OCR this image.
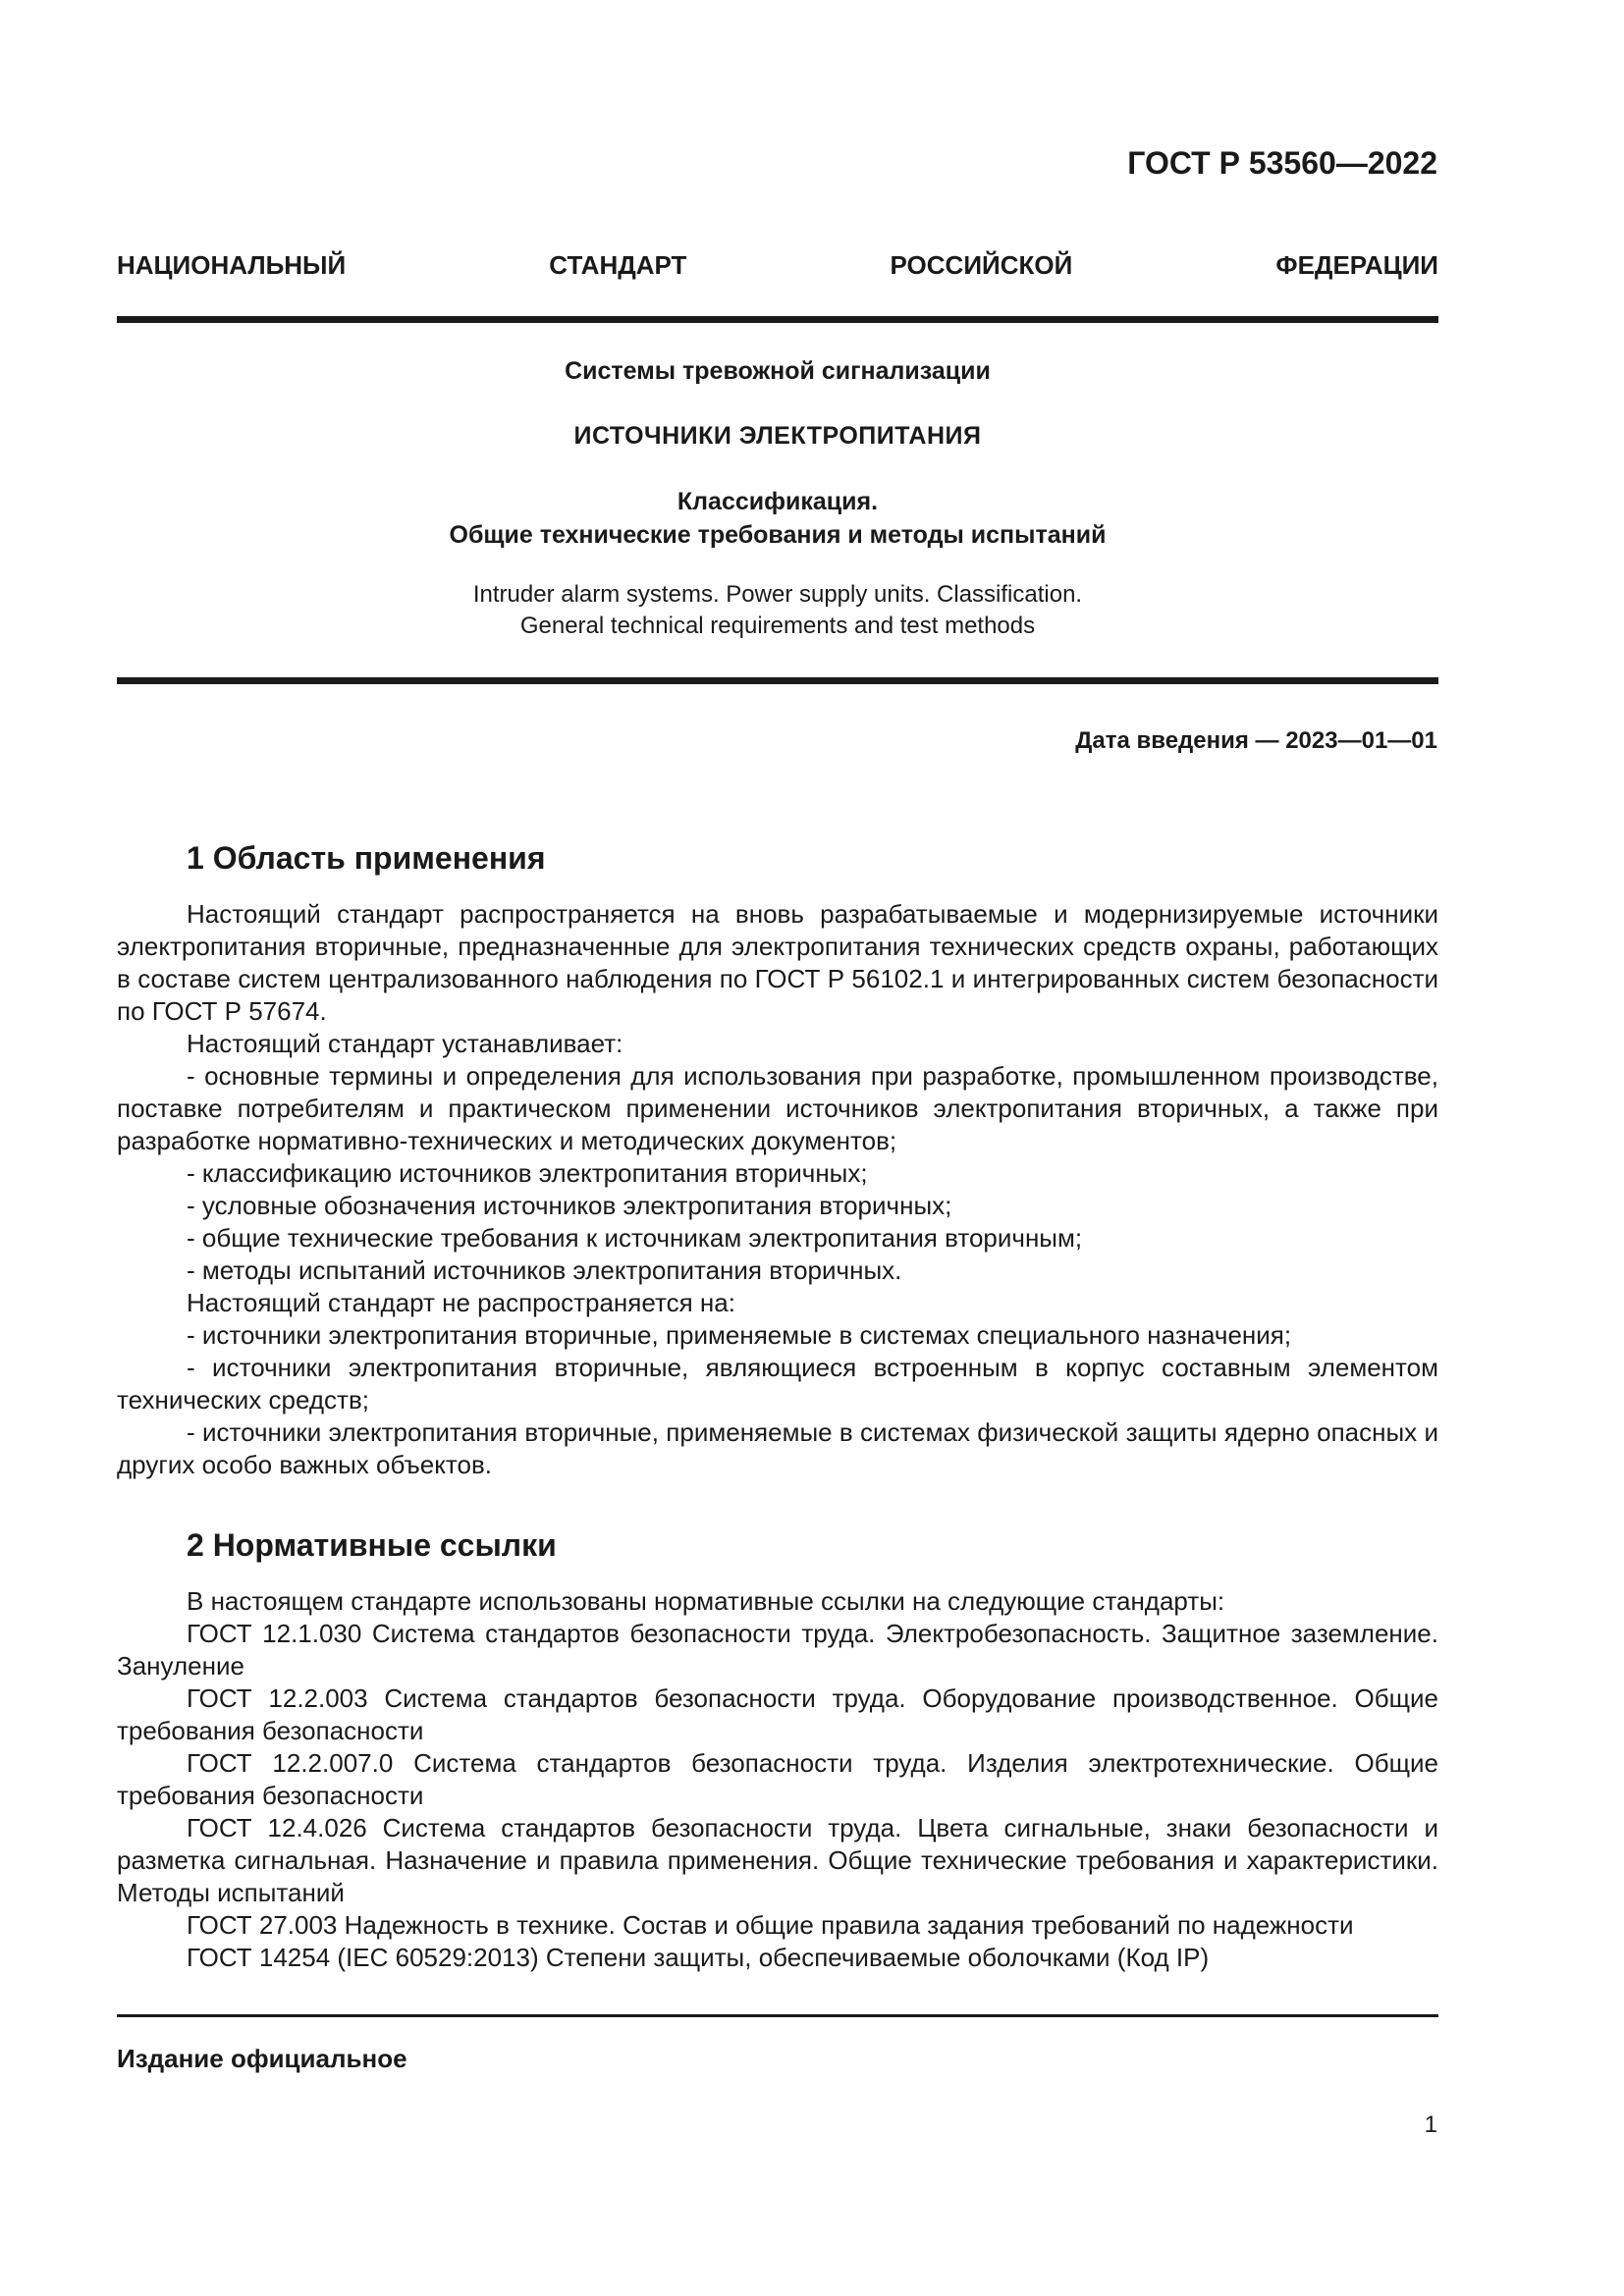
ГОСТ Р 53560—2022
НАЦИОНАЛЬНЫЙ СТАНДАРТ РОССИЙСКОЙ ФЕДЕРАЦИИ
Системы тревожной сигнализации
ИСТОЧНИКИ ЭЛЕКТРОПИТАНИЯ
Классификация.
Общие технические требования и методы испытаний
Intruder alarm systems. Power supply units. Classification.
General technical requirements and test methods
Дата введения — 2023—01—01
1 Область применения

Настоящий стандарт распространяется на вновь разрабатываемые и модернизируемые источники электропитания вторичные, предназначенные для электропитания технических средств охраны, работающих в составе систем централизованного наблюдения по ГОСТ Р 56102.1 и интегрированных систем безопасности по ГОСТ Р 57674.

Настоящий стандарт устанавливает:

- основные термины и определения для использования при разработке, промышленном производстве, поставке потребителям и практическом применении источников электропитания вторичных, а также при разработке нормативно-технических и методических документов;

- классификацию источников электропитания вторичных;

- условные обозначения источников электропитания вторичных;

- общие технические требования к источникам электропитания вторичным;

- методы испытаний источников электропитания вторичных.

Настоящий стандарт не распространяется на:

- источники электропитания вторичные, применяемые в системах специального назначения;

- источники электропитания вторичные, являющиеся встроенным в корпус составным элементом технических средств;

- источники электропитания вторичные, применяемые в системах физической защиты ядерно опасных и других особо важных объектов.

2 Нормативные ссылки

В настоящем стандарте использованы нормативные ссылки на следующие стандарты:

ГОСТ 12.1.030 Система стандартов безопасности труда. Электробезопасность. Защитное заземление. Зануление

ГОСТ 12.2.003 Система стандартов безопасности труда. Оборудование производственное. Общие требования безопасности

ГОСТ 12.2.007.0 Система стандартов безопасности труда. Изделия электротехнические. Общие требования безопасности

ГОСТ 12.4.026 Система стандартов безопасности труда. Цвета сигнальные, знаки безопасности и разметка сигнальная. Назначение и правила применения. Общие технические требования и характеристики. Методы испытаний

ГОСТ 27.003 Надежность в технике. Состав и общие правила задания требований по надежности

ГОСТ 14254 (IEC 60529:2013) Степени защиты, обеспечиваемые оболочками (Код IP)

Издание официальное
1
